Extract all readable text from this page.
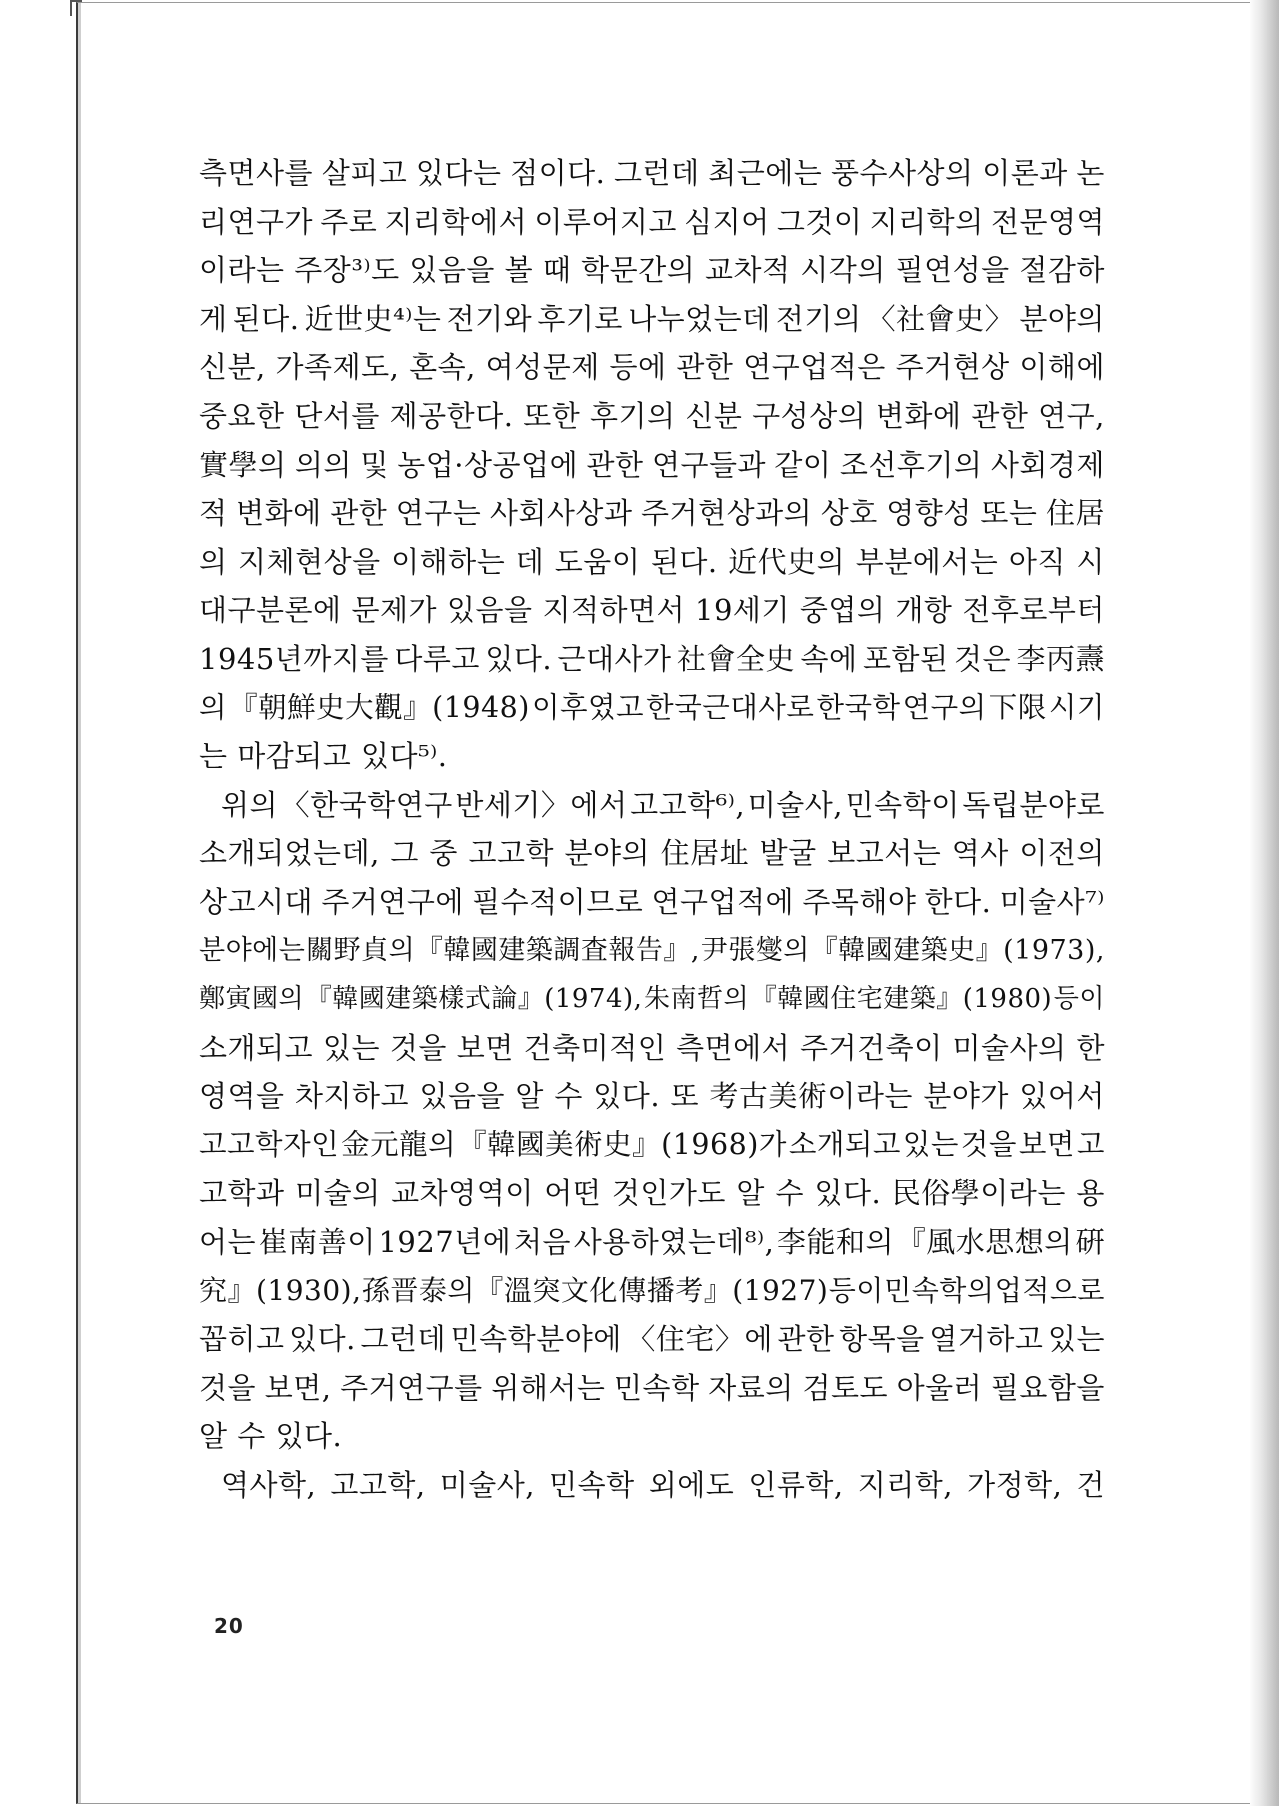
측면사를 살피고 있다는 점이다. 그런데 최근에는 풍수사상의 이론과 논
리연구가 주로 지리학에서 이루어지고 심지어 그것이 지리학의 전문영역
이라는 주장³⁾도 있음을 볼 때 학문간의 교차적 시각의 필연성을 절감하
게 된다. 近世史⁴⁾는 전기와 후기로 나누었는데 전기의 〈社會史〉 분야의
신분, 가족제도, 혼속, 여성문제 등에 관한 연구업적은 주거현상 이해에
중요한 단서를 제공한다. 또한 후기의 신분 구성상의 변화에 관한 연구,
實學의 의의 및 농업·상공업에 관한 연구들과 같이 조선후기의 사회경제
적 변화에 관한 연구는 사회사상과 주거현상과의 상호 영향성 또는 住居
의 지체현상을 이해하는 데 도움이 된다. 近代史의 부분에서는 아직 시
대구분론에 문제가 있음을 지적하면서 19세기 중엽의 개항 전후로부터
1945년까지를 다루고 있다. 근대사가 社會全史 속에 포함된 것은 李丙燾
의 『朝鮮史大觀』(1948) 이후였고 한국근대사로 한국학 연구의 下限 시기
는 마감되고 있다⁵⁾.
위의 〈한국학연구 반세기〉에서 고고학⁶⁾, 미술사, 민속학이 독립분야로
소개되었는데, 그 중 고고학 분야의 住居址 발굴 보고서는 역사 이전의
상고시대 주거연구에 필수적이므로 연구업적에 주목해야 한다. 미술사⁷⁾
분야에는 關野貞의 『韓國建築調査報告』, 尹張燮의 『韓國建築史』(1973),
鄭寅國의 『韓國建築樣式論』(1974), 朱南哲의 『韓國住宅建築』(1980) 등이
소개되고 있는 것을 보면 건축미적인 측면에서 주거건축이 미술사의 한
영역을 차지하고 있음을 알 수 있다. 또 考古美術이라는 분야가 있어서
고고학자인 金元龍의 『韓國美術史』(1968)가 소개되고 있는 것을 보면 고
고학과 미술의 교차영역이 어떤 것인가도 알 수 있다. 民俗學이라는 용
어는 崔南善이 1927년에 처음 사용하였는데⁸⁾, 李能和의 『風水思想의 硏
究』(1930), 孫晋泰의 『溫突文化 傳播考』(1927) 등이 민속학의 업적으로
꼽히고 있다. 그런데 민속학분야에 〈住宅〉에 관한 항목을 열거하고 있는
것을 보면, 주거연구를 위해서는 민속학 자료의 검토도 아울러 필요함을
알 수 있다.
역사학, 고고학, 미술사, 민속학 외에도 인류학, 지리학, 가정학, 건
20
